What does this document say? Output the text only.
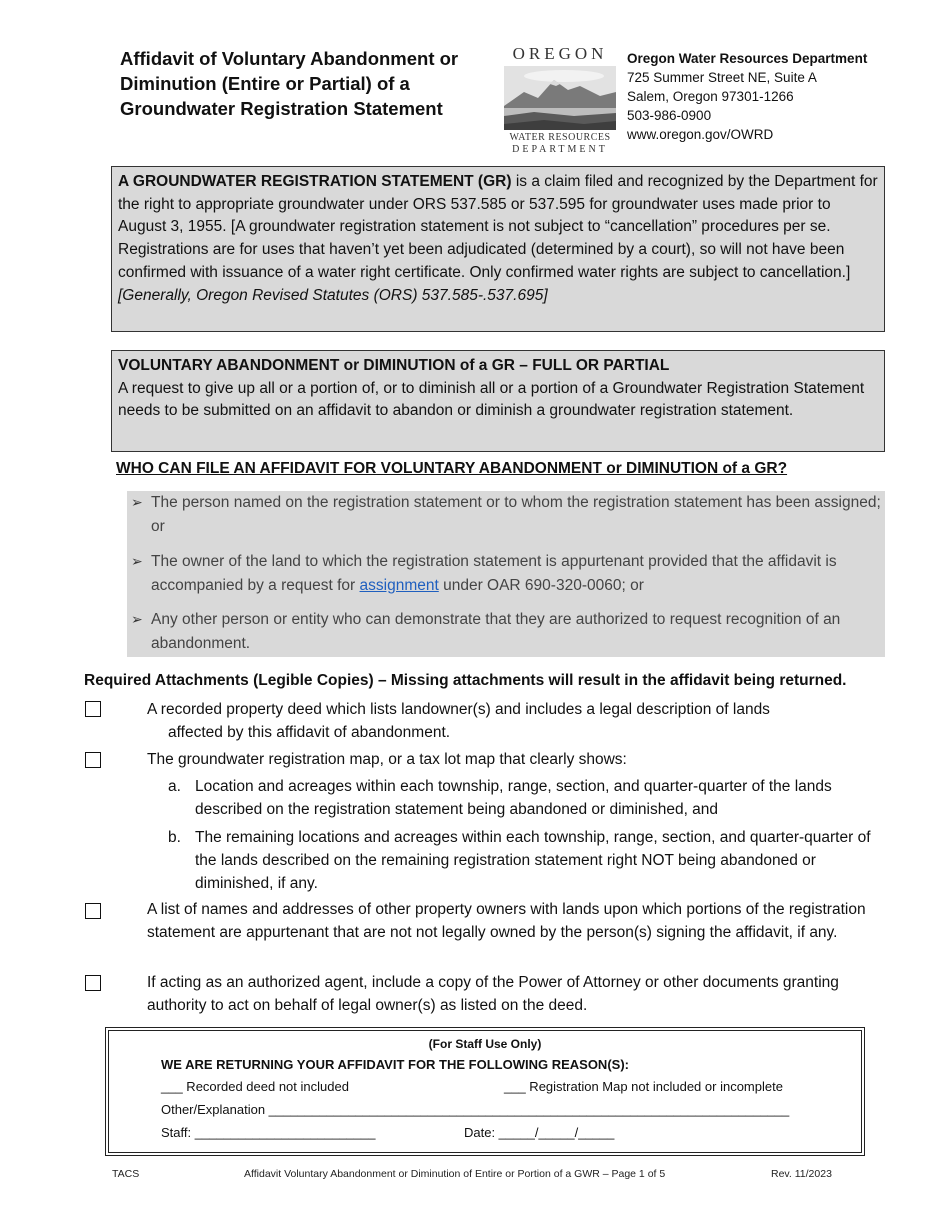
Affidavit of Voluntary Abandonment or Diminution (Entire or Partial) of a Groundwater Registration Statement
OREGON
WATER RESOURCES
DEPARTMENT
Oregon Water Resources Department
725 Summer Street NE, Suite A
Salem, Oregon 97301-1266
503-986-0900
www.oregon.gov/OWRD
A GROUNDWATER REGISTRATION STATEMENT (GR) is a claim filed and recognized by the Department for the right to appropriate groundwater under ORS 537.585 or 537.595 for groundwater uses made prior to August 3, 1955. [A groundwater registration statement is not subject to “cancellation” procedures per se. Registrations are for uses that haven’t yet been adjudicated (determined by a court), so will not have been confirmed with issuance of a water right certificate. Only confirmed water rights are subject to cancellation.] [Generally, Oregon Revised Statutes (ORS) 537.585-.537.695]
VOLUNTARY ABANDONMENT or DIMINUTION of a GR – FULL OR PARTIAL
A request to give up all or a portion of, or to diminish all or a portion of a Groundwater Registration Statement needs to be submitted on an affidavit to abandon or diminish a groundwater registration statement.
WHO CAN FILE AN AFFIDAVIT FOR VOLUNTARY ABANDONMENT or DIMINUTION of a GR?
➢ The person named on the registration statement or to whom the registration statement has been assigned; or
➢ The owner of the land to which the registration statement is appurtenant provided that the affidavit is accompanied by a request for assignment under OAR 690-320-0060; or
➢ Any other person or entity who can demonstrate that they are authorized to request recognition of an abandonment.
Required Attachments (Legible Copies) – Missing attachments will result in the affidavit being returned.
A recorded property deed which lists landowner(s) and includes a legal description of lands
affected by this affidavit of abandonment.
The groundwater registration map, or a tax lot map that clearly shows:
a. Location and acreages within each township, range, section, and quarter-quarter of the lands described on the registration statement being abandoned or diminished, and
b. The remaining locations and acreages within each township, range, section, and quarter-quarter of the lands described on the remaining registration statement right NOT being abandoned or diminished, if any.
A list of names and addresses of other property owners with lands upon which portions of the registration statement are appurtenant that are not not legally owned by the person(s) signing the affidavit, if any.
If acting as an authorized agent, include a copy of the Power of Attorney or other documents granting authority to act on behalf of legal owner(s) as listed on the deed.
(For Staff Use Only)
WE ARE RETURNING YOUR AFFIDAVIT FOR THE FOLLOWING REASON(S):
___ Recorded deed not included	___ Registration Map not included or incomplete
Other/Explanation ________________________________________________________________________
Staff: _________________________	Date: _____/_____/_____
TACS	Affidavit Voluntary Abandonment or Diminution of Entire or Portion of a GWR – Page 1 of 5	Rev. 11/2023
